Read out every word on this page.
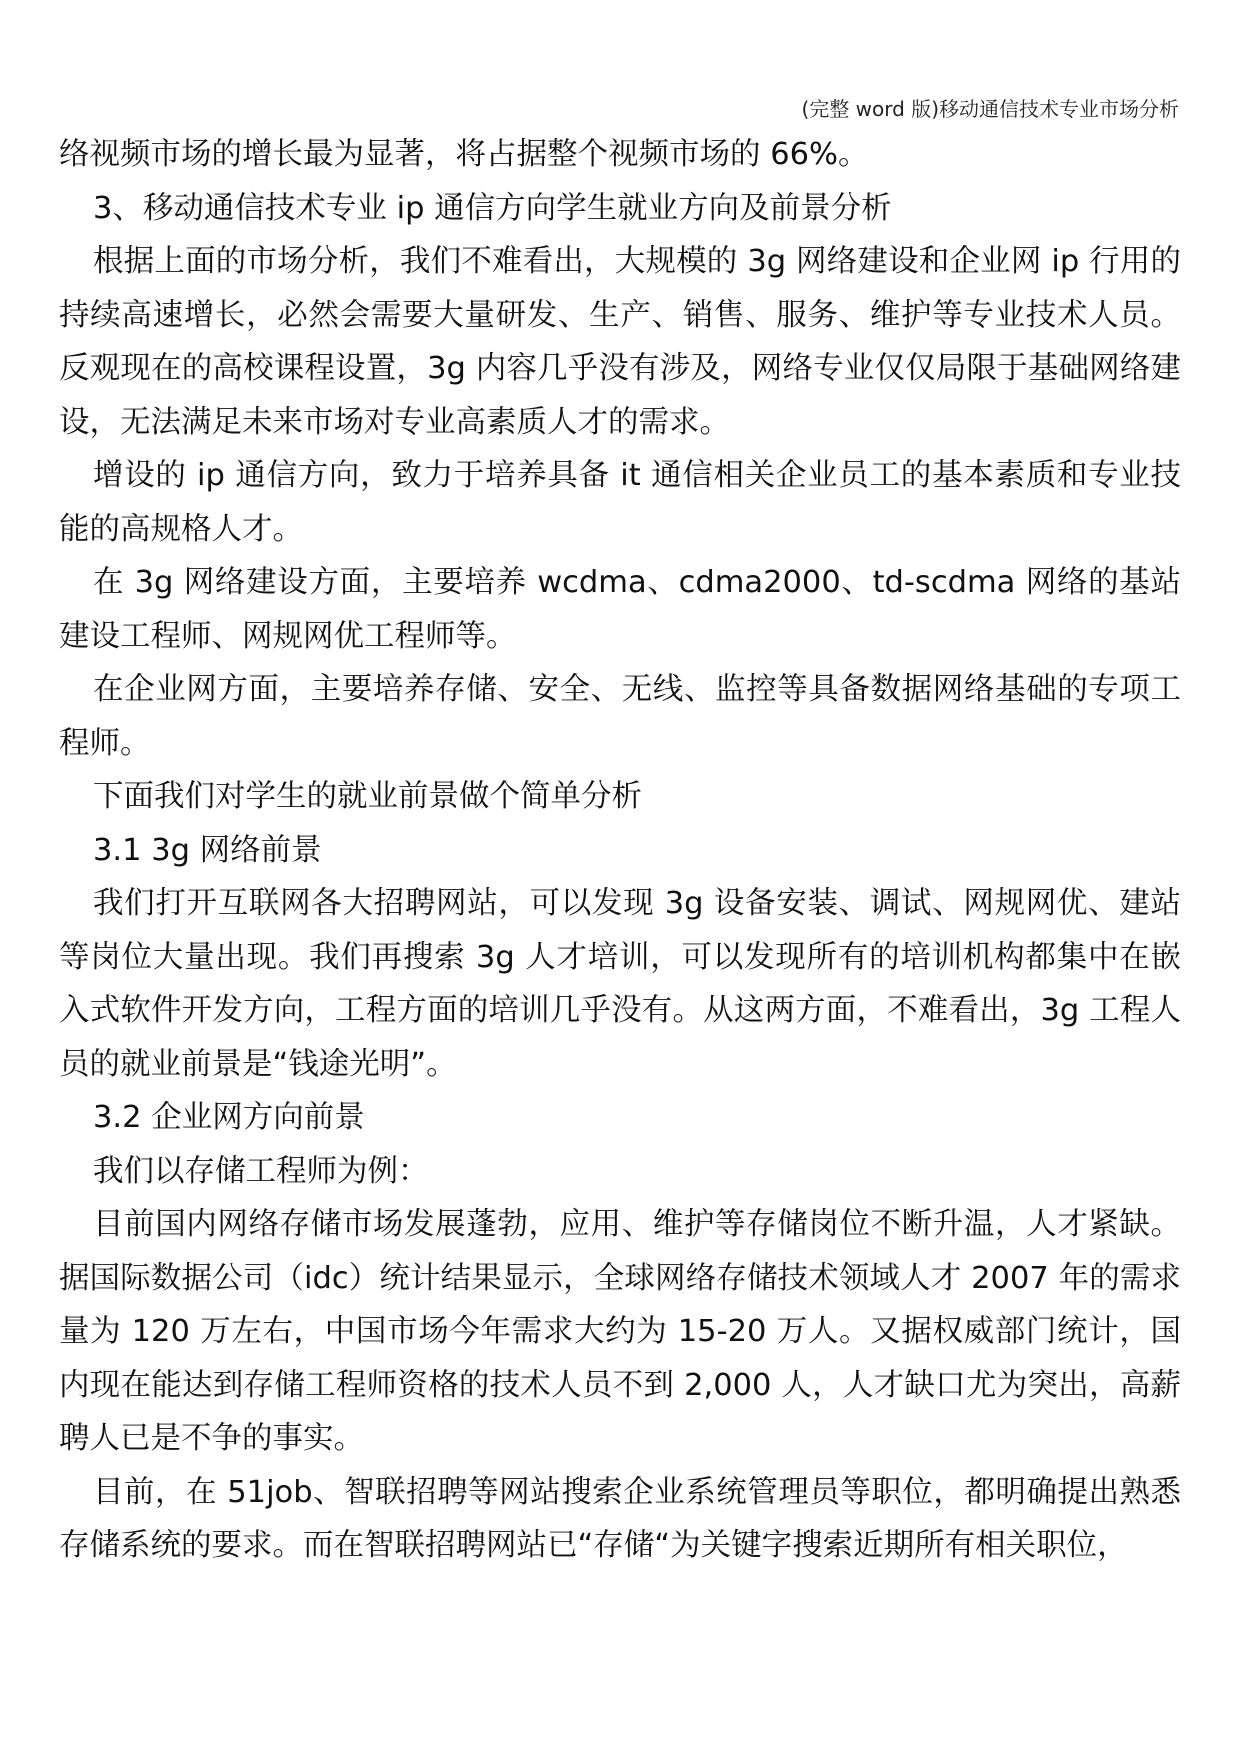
(完整 word 版)移动通信技术专业市场分析

络视频市场的增长最为显著，将占据整个视频市场的 66%。

3、移动通信技术专业 ip 通信方向学生就业方向及前景分析

根据上面的市场分析，我们不难看出，大规模的 3g 网络建设和企业网 ip 行用的持续高速增长，必然会需要大量研发、生产、销售、服务、维护等专业技术人员。反观现在的高校课程设置，3g 内容几乎没有涉及，网络专业仅仅局限于基础网络建设，无法满足未来市场对专业高素质人才的需求。

增设的 ip 通信方向，致力于培养具备 it 通信相关企业员工的基本素质和专业技能的高规格人才。

在 3g 网络建设方面，主要培养 wcdma、cdma2000、td-scdma 网络的基站建设工程师、网规网优工程师等。

在企业网方面，主要培养存储、安全、无线、监控等具备数据网络基础的专项工程师。

下面我们对学生的就业前景做个简单分析

3.1 3g 网络前景

我们打开互联网各大招聘网站，可以发现 3g 设备安装、调试、网规网优、建站等岗位大量出现。我们再搜索 3g 人才培训，可以发现所有的培训机构都集中在嵌入式软件开发方向，工程方面的培训几乎没有。从这两方面，不难看出，3g 工程人员的就业前景是“钱途光明”。

3.2 企业网方向前景

我们以存储工程师为例：

目前国内网络存储市场发展蓬勃，应用、维护等存储岗位不断升温，人才紧缺。据国际数据公司（idc）统计结果显示，全球网络存储技术领域人才 2007 年的需求量为 120 万左右，中国市场今年需求大约为 15-20 万人。又据权威部门统计，国内现在能达到存储工程师资格的技术人员不到 2,000 人，人才缺口尤为突出，高薪聘人已是不争的事实。

目前，在 51job、智联招聘等网站搜索企业系统管理员等职位，都明确提出熟悉存储系统的要求。而在智联招聘网站已“存储“为关键字搜索近期所有相关职位，
